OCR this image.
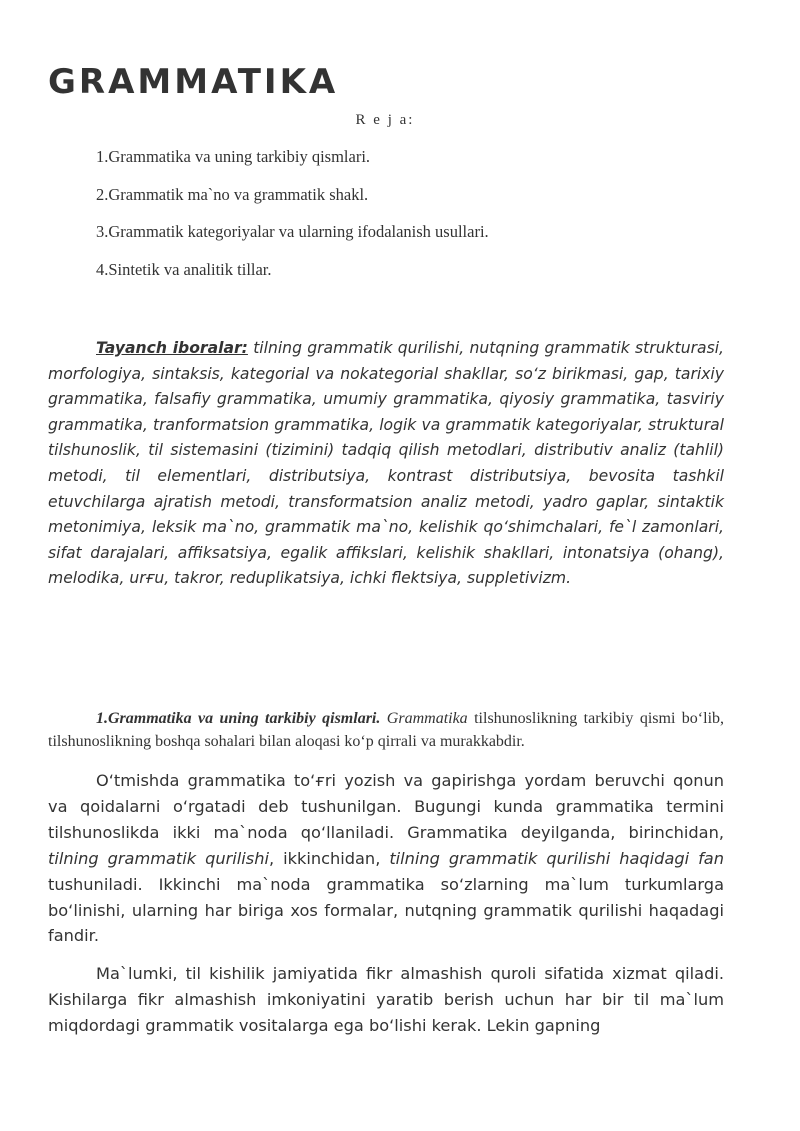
GRAMMATIKA
R e j a:
1.Grammatika va uning tarkibiy qismlari.
2.Grammatik ma`no va grammatik shakl.
3.Grammatik kategoriyalar va ularning ifodalanish usullari.
4.Sintetik va analitik tillar.

Tayanch iboralar: tilning grammatik qurilishi, nutqning grammatik strukturasi, morfologiya, sintaksis, kategorial va nokategorial shakllar, so‘z birikmasi, gap, tarixiy grammatika, falsafiy grammatika, umumiy grammatika, qiyosiy grammatika, tasviriy grammatika, tranformatsion grammatika, logik va grammatik kategoriyalar, struktural tilshunoslik, til sistemasini (tizimini) tadqiq qilish metodlari, distributiv analiz (tahlil) metodi, til elementlari, distributsiya, kontrast distributsiya, bevosita tashkil etuvchilarga ajratish metodi, transformatsion analiz metodi, yadro gaplar, sintaktik metonimiya, leksik ma`no, grammatik ma`no, kelishik qo‘shimchalari, fe`l zamonlari, sifat darajalari, affiksatsiya, egalik affikslari, kelishik shakllari, intonatsiya (ohang), melodika, urғu, takror, reduplikatsiya, ichki flektsiya, suppletivizm.

1.Grammatika va uning tarkibiy qismlari. Grammatika tilshunoslikning tarkibiy qismi bo‘lib, tilshunoslikning boshqa sohalari bilan aloqasi ko‘p qirrali va murakkabdir.

O‘tmishda grammatika to‘ғri yozish va gapirishga yordam beruvchi qonun va qoidalarni o‘rgatadi deb tushunilgan. Bugungi kunda grammatika termini tilshunoslikda ikki ma`noda qo‘llaniladi. Grammatika deyilganda, birinchidan, tilning grammatik qurilishi, ikkinchidan, tilning grammatik qurilishi haqidagi fan tushuniladi. Ikkinchi ma`noda grammatika so‘zlarning ma`lum turkumlarga bo‘linishi, ularning har biriga xos formalar, nutqning grammatik qurilishi haqadagi fandir.

Ma`lumki, til kishilik jamiyatida fikr almashish quroli sifatida xizmat qiladi. Kishilarga fikr almashish imkoniyatini yaratib berish uchun har bir til ma`lum miqdordagi grammatik vositalarga ega bo‘lishi kerak. Lekin gapning
